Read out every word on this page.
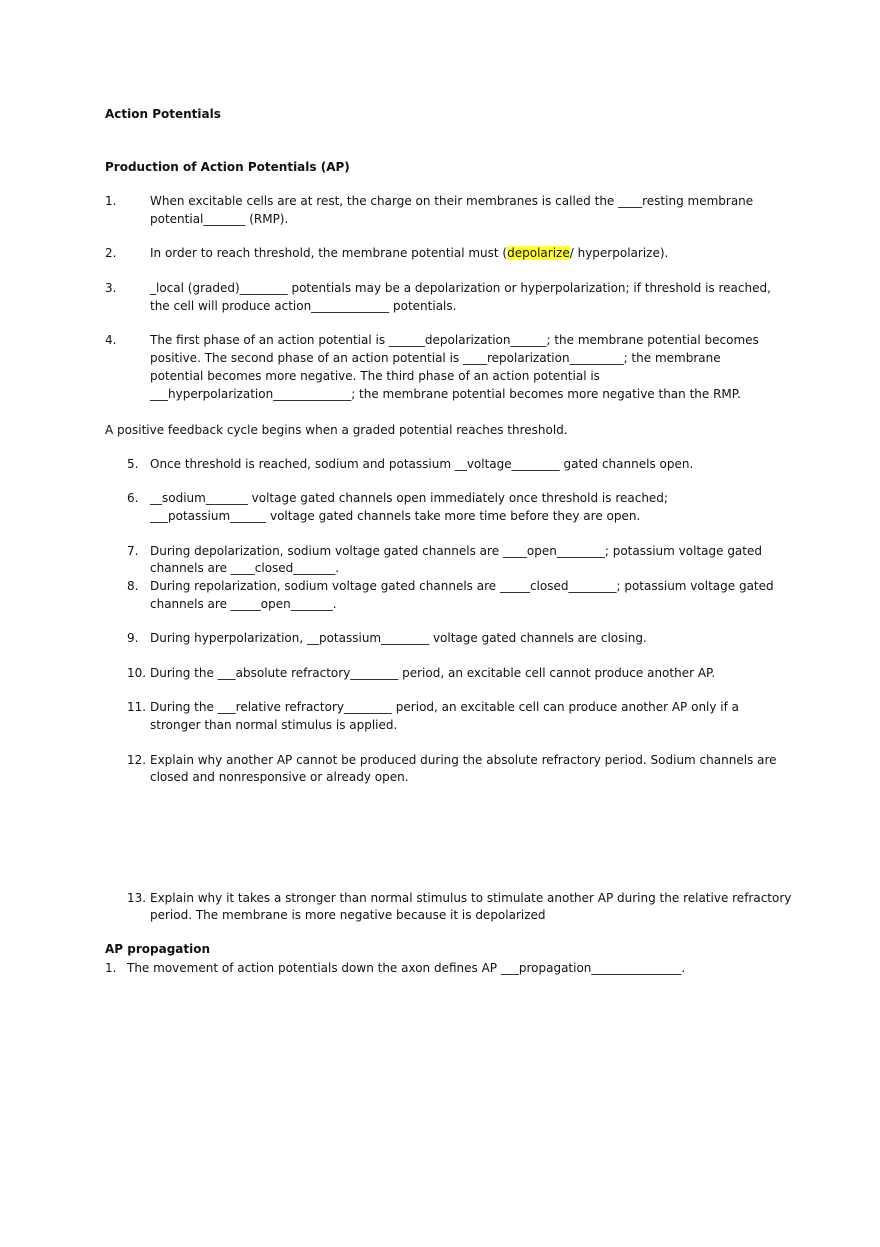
Action Potentials
Production of Action Potentials (AP)
1.	When excitable cells are at rest, the charge on their membranes is called the ____resting membrane
potential_______ (RMP).
2.	In order to reach threshold, the membrane potential must (depolarize/ hyperpolarize).
3.	_local (graded)________ potentials may be a depolarization or hyperpolarization; if threshold is reached,
the cell will produce action_____________ potentials.
4.	The first phase of an action potential is ______depolarization______; the membrane potential becomes
positive. The second phase of an action potential is ____repolarization_________; the membrane
potential becomes more negative. The third phase of an action potential is
___hyperpolarization_____________; the membrane potential becomes more negative than the RMP.
A positive feedback cycle begins when a graded potential reaches threshold.
5. Once threshold is reached, sodium and potassium __voltage________ gated channels open.
6. __sodium_______ voltage gated channels open immediately once threshold is reached;
___potassium______ voltage gated channels take more time before they are open.
7. During depolarization, sodium voltage gated channels are ____open________; potassium voltage gated
channels are ____closed_______.
8. During repolarization, sodium voltage gated channels are _____closed________; potassium voltage gated
channels are _____open_______.
9. During hyperpolarization, __potassium________ voltage gated channels are closing.
10. During the ___absolute refractory________ period, an excitable cell cannot produce another AP.
11. During the ___relative refractory________ period, an excitable cell can produce another AP only if a
stronger than normal stimulus is applied.
12. Explain why another AP cannot be produced during the absolute refractory period. Sodium channels are
closed and nonresponsive or already open.
13. Explain why it takes a stronger than normal stimulus to stimulate another AP during the relative refractory
period. The membrane is more negative because it is depolarized
AP propagation
1. The movement of action potentials down the axon defines AP ___propagation_______________.
